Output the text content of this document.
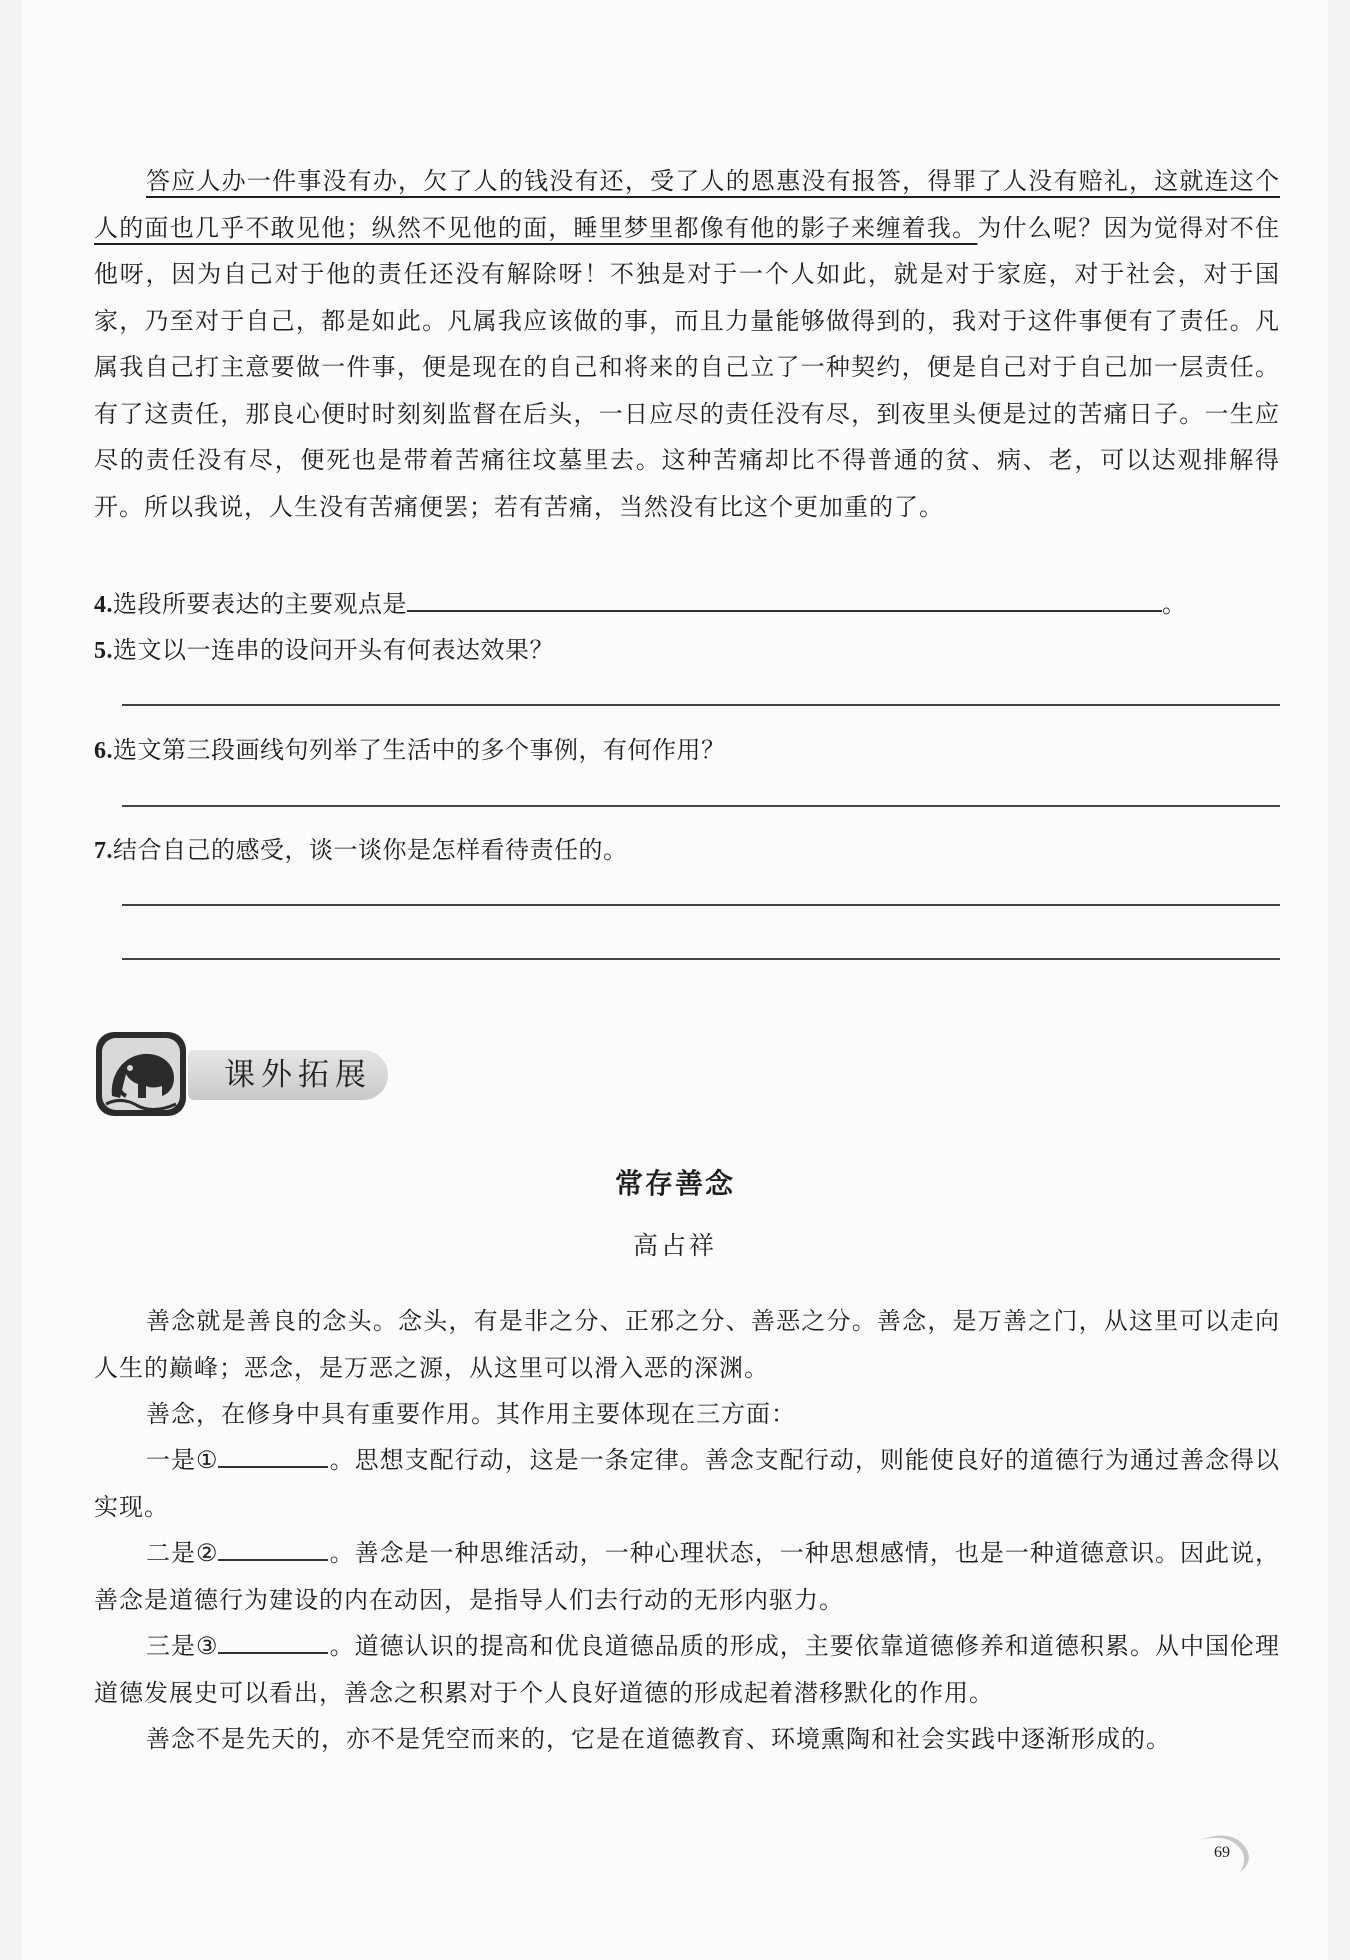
答应人办一件事没有办，欠了人的钱没有还，受了人的恩惠没有报答，得罪了人没有赔礼，这就连这个人的面也几乎不敢见他；纵然不见他的面，睡里梦里都像有他的影子来缠着我。为什么呢？因为觉得对不住他呀，因为自己对于他的责任还没有解除呀！不独是对于一个人如此，就是对于家庭，对于社会，对于国家，乃至对于自己，都是如此。凡属我应该做的事，而且力量能够做得到的，我对于这件事便有了责任。凡属我自己打主意要做一件事，便是现在的自己和将来的自己立了一种契约，便是自己对于自己加一层责任。有了这责任，那良心便时时刻刻监督在后头，一日应尽的责任没有尽，到夜里头便是过的苦痛日子。一生应尽的责任没有尽，便死也是带着苦痛往坟墓里去。这种苦痛却比不得普通的贫、病、老，可以达观排解得开。所以我说，人生没有苦痛便罢；若有苦痛，当然没有比这个更加重的了。
4.选段所要表达的主要观点是	。
5.选文以一连串的设问开头有何表达效果？
6.选文第三段画线句列举了生活中的多个事例，有何作用？
7.结合自己的感受，谈一谈你是怎样看待责任的。
课外拓展
常存善念
高占祥
善念就是善良的念头。念头，有是非之分、正邪之分、善恶之分。善念，是万善之门，从这里可以走向人生的巅峰；恶念，是万恶之源，从这里可以滑入恶的深渊。
善念，在修身中具有重要作用。其作用主要体现在三方面：
一是①	。思想支配行动，这是一条定律。善念支配行动，则能使良好的道德行为通过善念得以实现。
二是②	。善念是一种思维活动，一种心理状态，一种思想感情，也是一种道德意识。因此说，善念是道德行为建设的内在动因，是指导人们去行动的无形内驱力。
三是③	。道德认识的提高和优良道德品质的形成，主要依靠道德修养和道德积累。从中国伦理道德发展史可以看出，善念之积累对于个人良好道德的形成起着潜移默化的作用。
善念不是先天的，亦不是凭空而来的，它是在道德教育、环境熏陶和社会实践中逐渐形成的。
69
